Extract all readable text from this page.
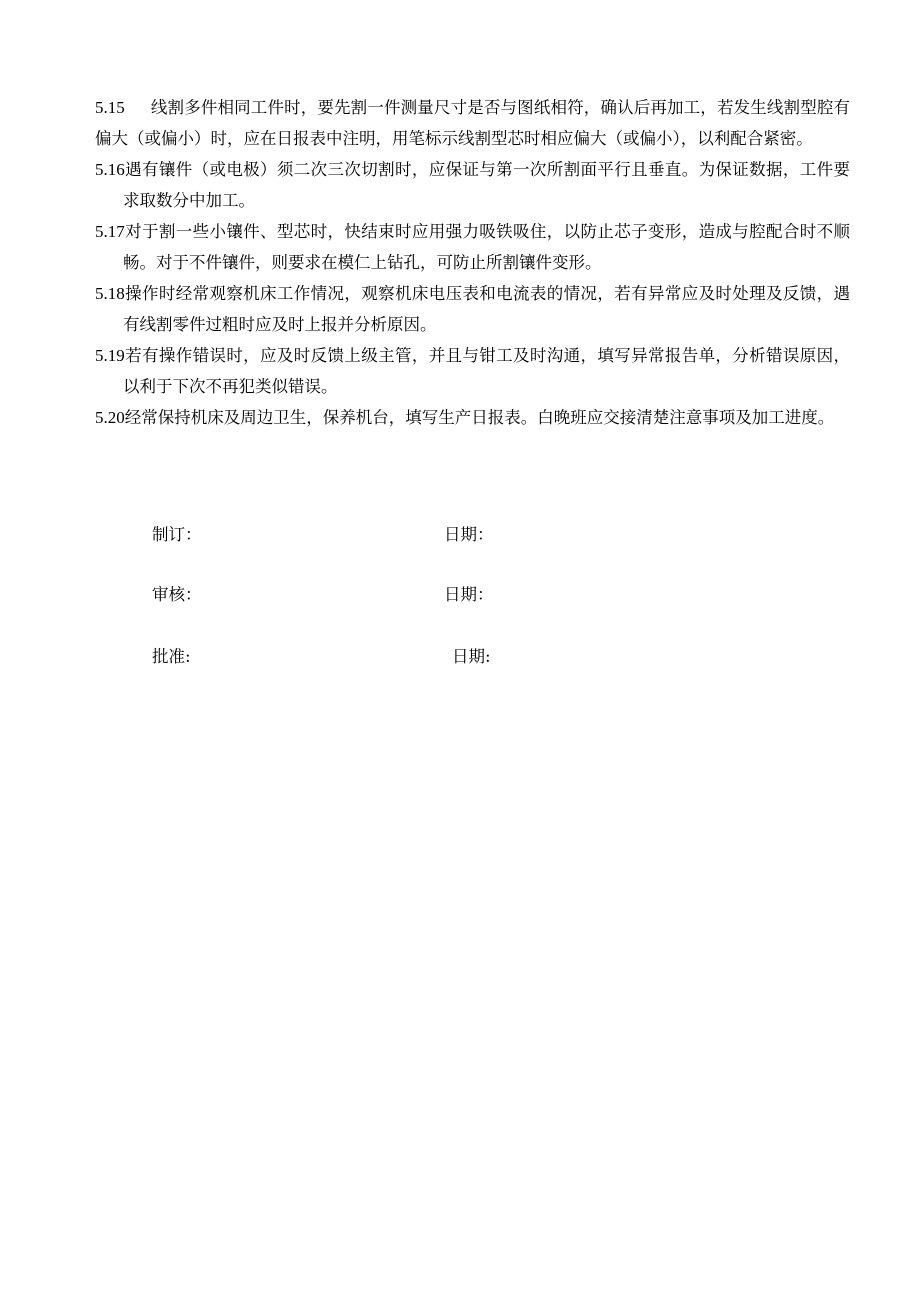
5.15 线割多件相同工件时，要先割一件测量尺寸是否与图纸相符，确认后再加工，若发生线割型腔有偏大（或偏小）时，应在日报表中注明，用笔标示线割型芯时相应偏大（或偏小），以利配合紧密。
5.16遇有镶件（或电极）须二次三次切割时，应保证与第一次所割面平行且垂直。为保证数据，工件要求取数分中加工。
5.17对于割一些小镶件、型芯时，快结束时应用强力吸铁吸住，以防止芯子变形，造成与腔配合时不顺畅。对于不件镶件，则要求在模仁上钻孔，可防止所割镶件变形。
5.18操作时经常观察机床工作情况，观察机床电压表和电流表的情况，若有异常应及时处理及反馈，遇有线割零件过粗时应及时上报并分析原因。
5.19若有操作错误时，应及时反馈上级主管，并且与钳工及时沟通，填写异常报告单，分析错误原因，以利于下次不再犯类似错误。
5.20经常保持机床及周边卫生，保养机台，填写生产日报表。白晚班应交接清楚注意事项及加工进度。
制订：	日期：
审核：	日期：
批准:	日期:
